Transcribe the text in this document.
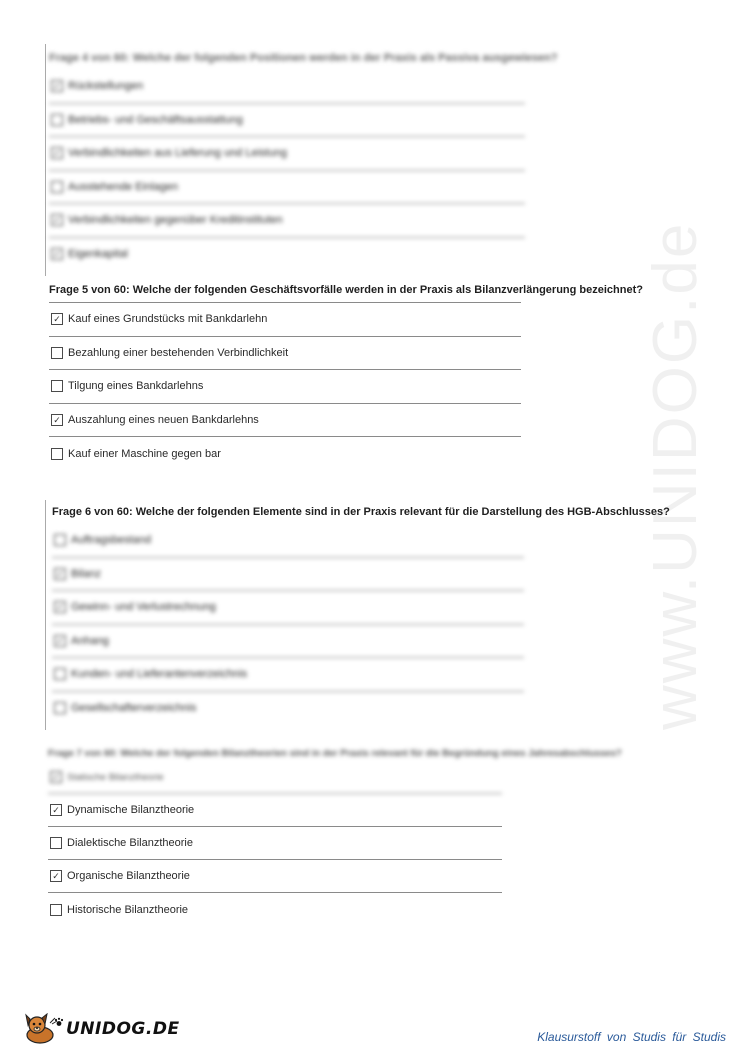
www.UNIDOG.de
Frage 4 von 60: Welche der folgenden Positionen werden in der Praxis als Passiva ausgewiesen?
✓ Rückstellungen
Betriebs- und Geschäftsausstattung
✓ Verbindlichkeiten aus Lieferung und Leistung
Ausstehende Einlagen
✓ Verbindlichkeiten gegenüber Kreditinstituten
✓ Eigenkapital
Frage 5 von 60: Welche der folgenden Geschäftsvorfälle werden in der Praxis als Bilanzverlängerung bezeichnet?
✓ Kauf eines Grundstücks mit Bankdarlehn
Bezahlung einer bestehenden Verbindlichkeit
Tilgung eines Bankdarlehns
✓ Auszahlung eines neuen Bankdarlehns
Kauf einer Maschine gegen bar
Frage 6 von 60: Welche der folgenden Elemente sind in der Praxis relevant für die Darstellung des HGB-Abschlusses?
Auftragsbestand
✓ Bilanz
✓ Gewinn- und Verlustrechnung
✓ Anhang
Kunden- und Lieferantenverzeichnis
Gesellschafterverzeichnis
Frage 7 von 60: Welche der folgenden Bilanztheorien sind in der Praxis relevant für die Begründung eines Jahresabschlusses?
✓ Statische Bilanztheorie
✓ Dynamische Bilanztheorie
Dialektische Bilanztheorie
✓ Organische Bilanztheorie
Historische Bilanztheorie
UNIDOG.DE	Klausurstoff von Studis für Studis
